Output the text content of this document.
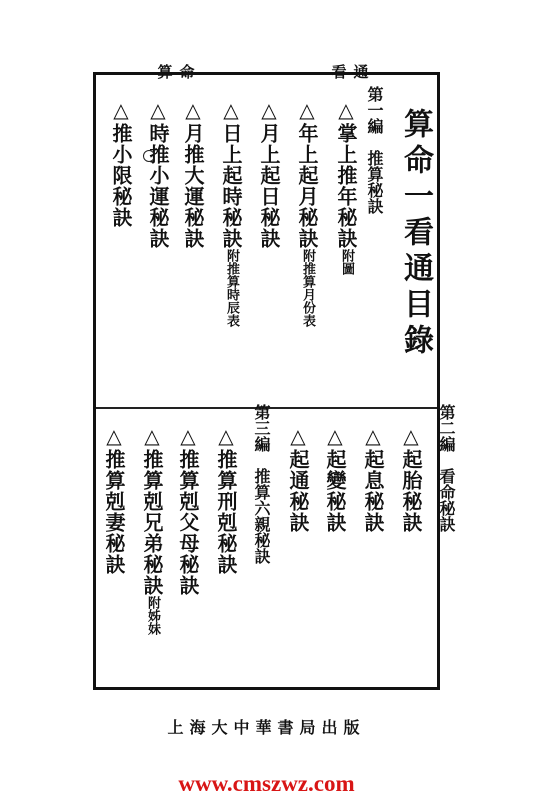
算命	看通
算命一看通目錄
第一編推算秘訣
△掌上推年秘訣附圖
△年上起月秘訣附推算月份表
△月上起日秘訣
△日上起時秘訣附推算時辰表
△月推大運秘訣
△時推小運秘訣
△推小限秘訣
第二編看命秘訣
△起胎秘訣
△起息秘訣
△起變秘訣
△起通秘訣
第三編推算六親秘訣
△推算刑剋秘訣
△推算剋父母秘訣
△推算剋兄弟秘訣附姊妹
△推算剋妻秘訣
上海大中華書局出版
www.cmszwz.com
